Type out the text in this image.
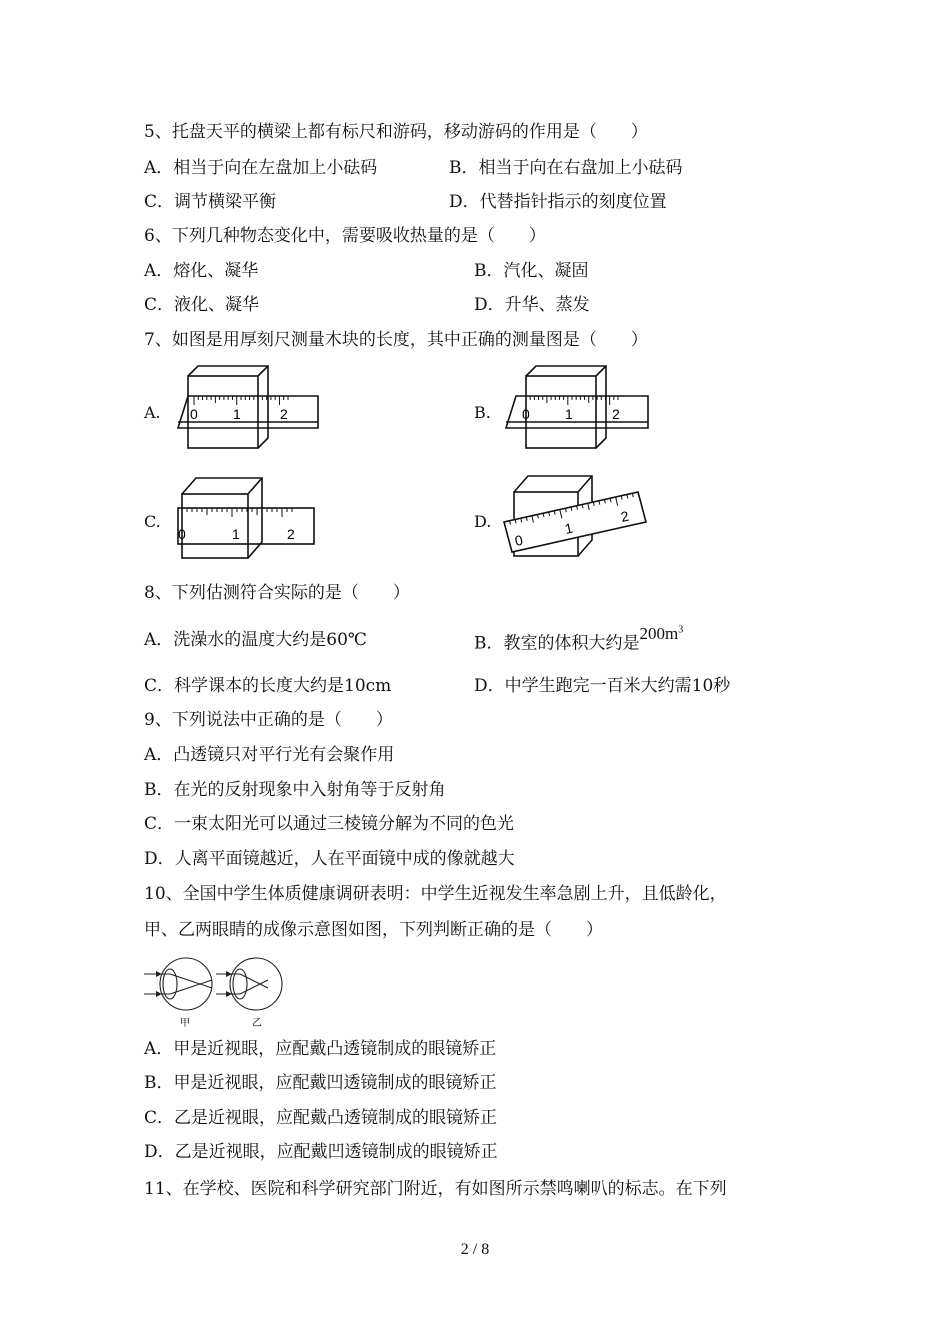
5、托盘天平的横梁上都有标尺和游码，移动游码的作用是（　　）
A．相当于向在左盘加上小砝码	B．相当于向在右盘加上小砝码
C．调节横梁平衡	D．代替指针指示的刻度位置
6、下列几种物态变化中，需要吸收热量的是（　　）
A．熔化、凝华	B．汽化、凝固
C．液化、凝华	D．升华、蒸发
7、如图是用厚刻尺测量木块的长度，其中正确的测量图是（　　）
A.	B.
C.	D.
0	1	2	0	1	2
0	1	2	0
1
2
8、下列估测符合实际的是（　　）
A．洗澡水的温度大约是60℃	B．教室的体积大约是$200m^3$
C．科学课本的长度大约是10cm	D．中学生跑完一百米大约需10秒
9、下列说法中正确的是（　　）
A．凸透镜只对平行光有会聚作用
B．在光的反射现象中入射角等于反射角
C．一束太阳光可以通过三棱镜分解为不同的色光
D．人离平面镜越近，人在平面镜中成的像就越大
10、全国中学生体质健康调研表明：中学生近视发生率急剧上升，且低龄化，
甲、乙两眼睛的成像示意图如图，下列判断正确的是（　　）
甲	乙
A．甲是近视眼，应配戴凸透镜制成的眼镜矫正
B．甲是近视眼，应配戴凹透镜制成的眼镜矫正
C．乙是近视眼，应配戴凸透镜制成的眼镜矫正
D．乙是近视眼，应配戴凹透镜制成的眼镜矫正
11、在学校、医院和科学研究部门附近，有如图所示禁鸣喇叭的标志。在下列
2 / 8
